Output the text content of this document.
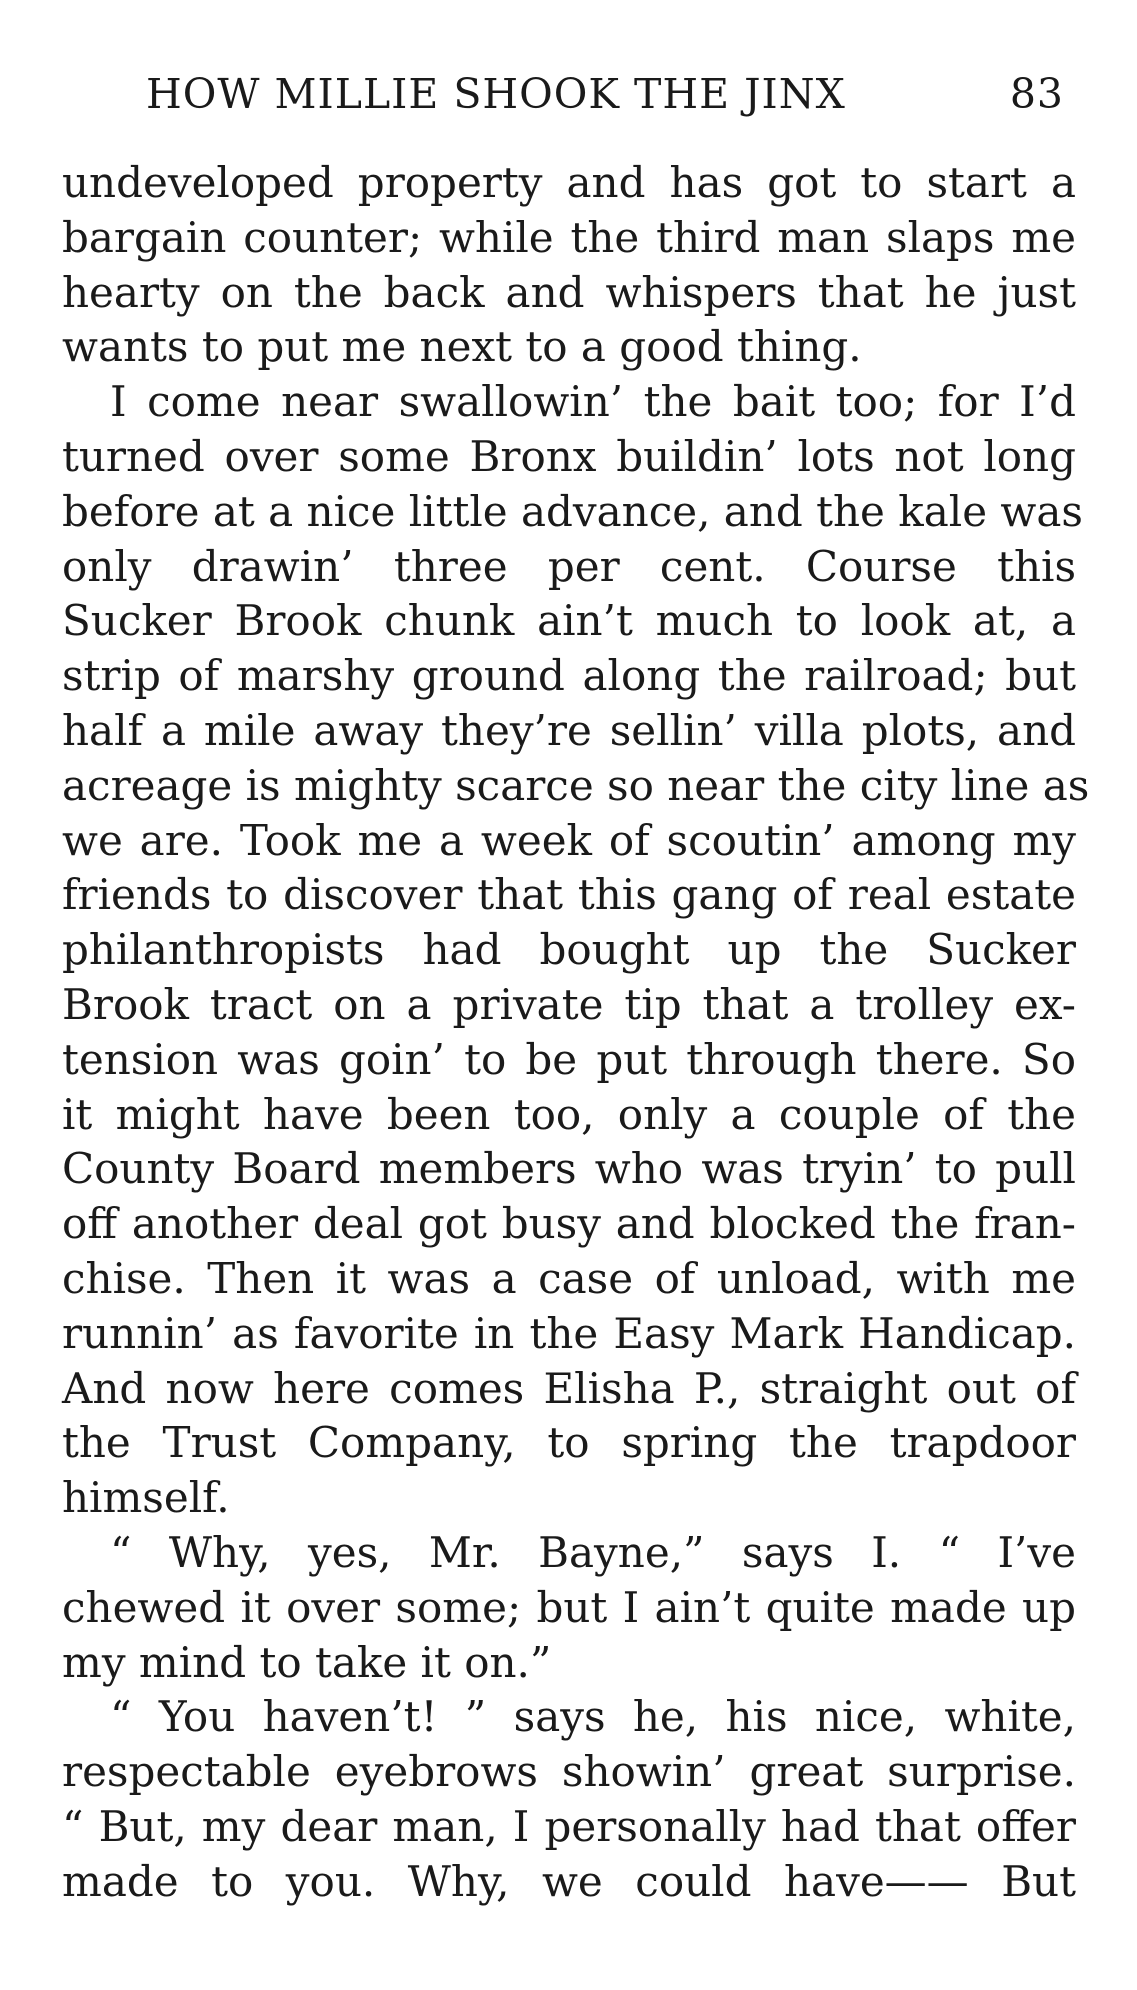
HOW MILLIE SHOOK THE JINX	83
undeveloped property and has got to start a
bargain counter; while the third man slaps me
hearty on the back and whispers that he just
wants to put me next to a good thing.
I come near swallowin’ the bait too; for I’d
turned over some Bronx buildin’ lots not long
before at a nice little advance, and the kale was
only drawin’ three per cent. Course this
Sucker Brook chunk ain’t much to look at, a
strip of marshy ground along the railroad; but
half a mile away they’re sellin’ villa plots, and
acreage is mighty scarce so near the city line as
we are. Took me a week of scoutin’ among my
friends to discover that this gang of real estate
philanthropists had bought up the Sucker
Brook tract on a private tip that a trolley ex-
tension was goin’ to be put through there. So
it might have been too, only a couple of the
County Board members who was tryin’ to pull
off another deal got busy and blocked the fran-
chise. Then it was a case of unload, with me
runnin’ as favorite in the Easy Mark Handicap.
And now here comes Elisha P., straight out of
the Trust Company, to spring the trapdoor
himself.
“ Why, yes, Mr. Bayne,” says I. “ I’ve
chewed it over some; but I ain’t quite made up
my mind to take it on.”
“ You haven’t! ” says he, his nice, white,
respectable eyebrows showin’ great surprise.
“ But, my dear man, I personally had that offer
made to you. Why, we could have—— But
